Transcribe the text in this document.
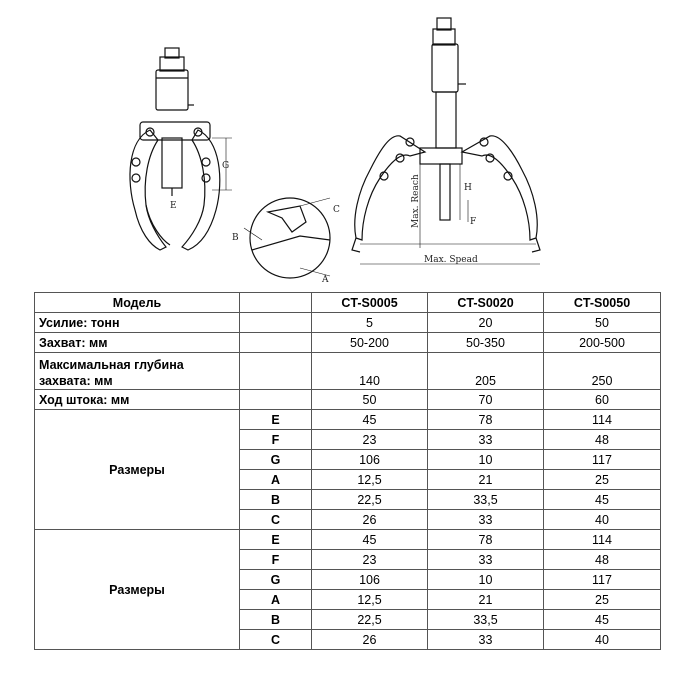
G
E	C
B
A
H
F
Max. Reach
Max. Spead
Модель		CT-S0005	CT-S0020	CT-S0050
Усилие: тонн		5	20	50
Захват: мм		50-200	50-350	200-500

Максимальная глубина
захвата: мм		140	205	250
Ход штока: мм		50	70	60
Размеры	E	45	78	114
	F	23	33	48
	G	106	10	117
	A	12,5	21	25
	B	22,5	33,5	45
	C	26	33	40
Размеры	E	45	78	114
	F	23	33	48
	G	106	10	117
	A	12,5	21	25
	B	22,5	33,5	45
	C	26	33	40
